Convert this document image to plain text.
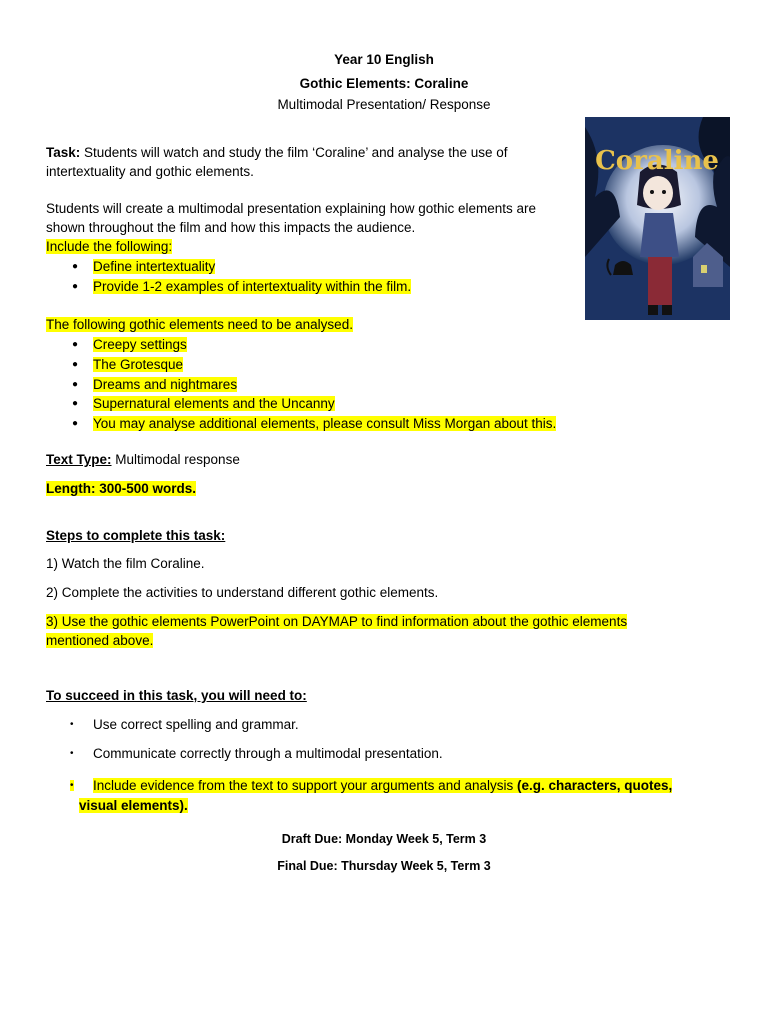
Year 10 English
Gothic Elements: Coraline
Multimodal Presentation/ Response
Coraline
Task: Students will watch and study the film ‘Coraline’ and analyse the use of
intertextuality and gothic elements.
Students will create a multimodal presentation explaining how gothic elements are
shown throughout the film and how this impacts the audience.
Include the following:
● Define intertextuality
● Provide 1-2 examples of intertextuality within the film.
The following gothic elements need to be analysed.
● Creepy settings
● The Grotesque
● Dreams and nightmares
● Supernatural elements and the Uncanny
● You may analyse additional elements, please consult Miss Morgan about this.
Text Type: Multimodal response
Length: 300-500 words.
Steps to complete this task:
1) Watch the film Coraline.
2) Complete the activities to understand different gothic elements.
3) Use the gothic elements PowerPoint on DAYMAP to find information about the gothic elements
mentioned above.
To succeed in this task, you will need to:
• Use correct spelling and grammar.
• Communicate correctly through a multimodal presentation.
• Include evidence from the text to support your arguments and analysis (e.g. characters, quotes,
visual elements).
Draft Due: Monday Week 5, Term 3
Final Due: Thursday Week 5, Term 3
